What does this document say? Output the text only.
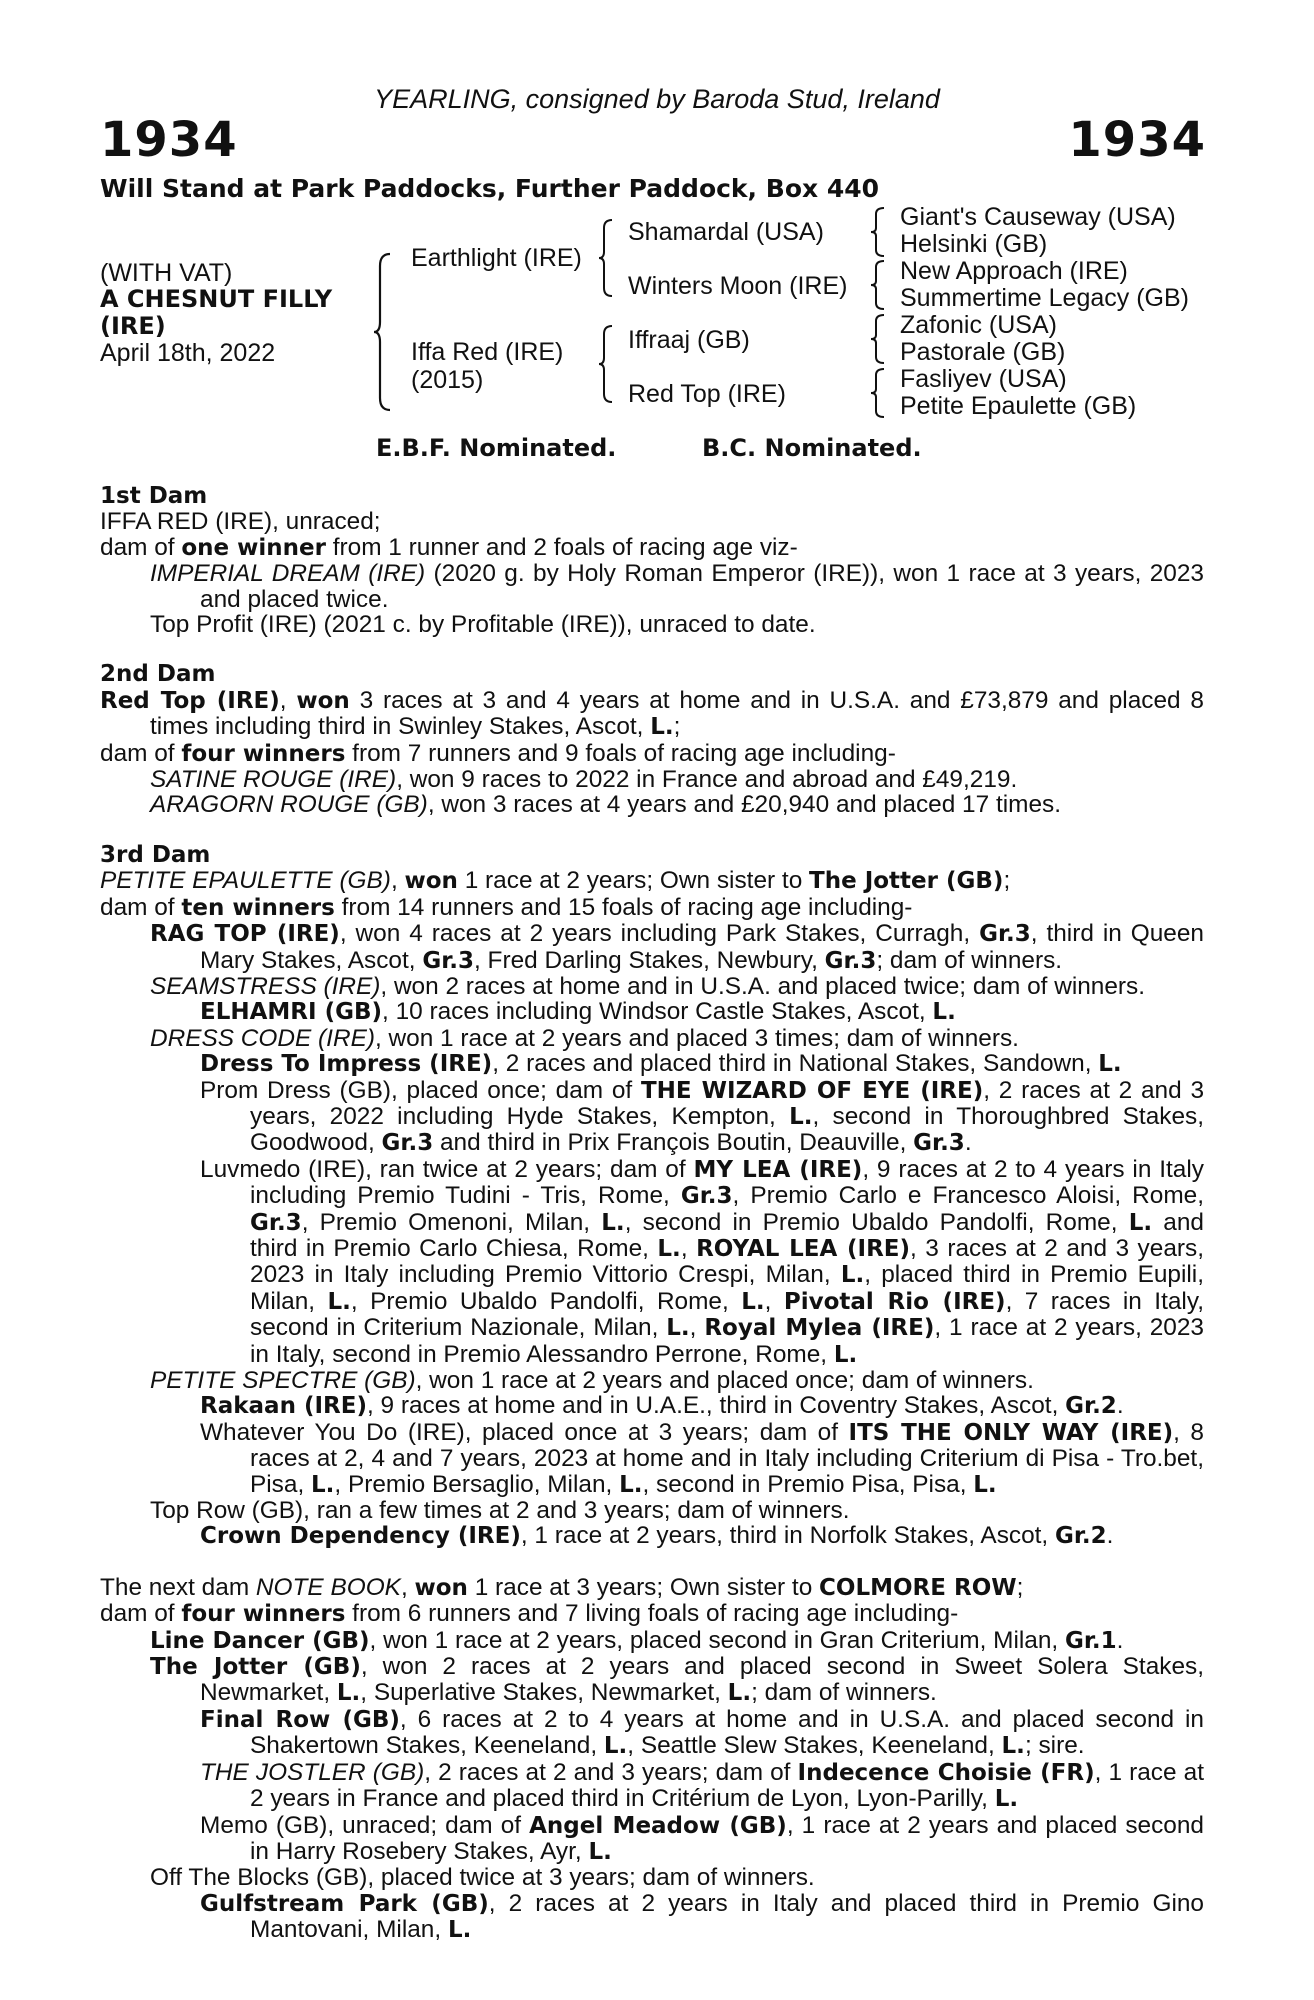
YEARLING, consigned by Baroda Stud, Ireland
1934	1934
Will Stand at Park Paddocks, Further Paddock, Box 440
(WITH VAT)
A CHESNUT FILLY
(IRE)
April 18th, 2022
Earthlight (IRE)
Iffa Red (IRE)
(2015)
Shamardal (USA)
Winters Moon (IRE)
Iffraaj (GB)
Red Top (IRE)
Giant's Causeway (USA)
Helsinki (GB)
New Approach (IRE)
Summertime Legacy (GB)
Zafonic (USA)
Pastorale (GB)
Fasliyev (USA)
Petite Epaulette (GB)
E.B.F. Nominated.	B.C. Nominated.
1st Dam
IFFA RED (IRE), unraced;
dam of one winner from 1 runner and 2 foals of racing age viz-
IMPERIAL DREAM (IRE) (2020 g. by Holy Roman Emperor (IRE)), won 1 race at 3 years, 2023 and placed twice.
Top Profit (IRE) (2021 c. by Profitable (IRE)), unraced to date.
2nd Dam
Red Top (IRE), won 3 races at 3 and 4 years at home and in U.S.A. and £73,879 and placed 8 times including third in Swinley Stakes, Ascot, L.;
dam of four winners from 7 runners and 9 foals of racing age including-
SATINE ROUGE (IRE), won 9 races to 2022 in France and abroad and £49,219.
ARAGORN ROUGE (GB), won 3 races at 4 years and £20,940 and placed 17 times.
3rd Dam
PETITE EPAULETTE (GB), won 1 race at 2 years; Own sister to The Jotter (GB);
dam of ten winners from 14 runners and 15 foals of racing age including-
RAG TOP (IRE), won 4 races at 2 years including Park Stakes, Curragh, Gr.3, third in Queen Mary Stakes, Ascot, Gr.3, Fred Darling Stakes, Newbury, Gr.3; dam of winners.
SEAMSTRESS (IRE), won 2 races at home and in U.S.A. and placed twice; dam of winners.
ELHAMRI (GB), 10 races including Windsor Castle Stakes, Ascot, L.
DRESS CODE (IRE), won 1 race at 2 years and placed 3 times; dam of winners.
Dress To Impress (IRE), 2 races and placed third in National Stakes, Sandown, L.
Prom Dress (GB), placed once; dam of THE WIZARD OF EYE (IRE), 2 races at 2 and 3 years, 2022 including Hyde Stakes, Kempton, L., second in Thoroughbred Stakes, Goodwood, Gr.3 and third in Prix François Boutin, Deauville, Gr.3.
Luvmedo (IRE), ran twice at 2 years; dam of MY LEA (IRE), 9 races at 2 to 4 years in Italy including Premio Tudini - Tris, Rome, Gr.3, Premio Carlo e Francesco Aloisi, Rome, Gr.3, Premio Omenoni, Milan, L., second in Premio Ubaldo Pandolfi, Rome, L. and third in Premio Carlo Chiesa, Rome, L., ROYAL LEA (IRE), 3 races at 2 and 3 years, 2023 in Italy including Premio Vittorio Crespi, Milan, L., placed third in Premio Eupili, Milan, L., Premio Ubaldo Pandolfi, Rome, L., Pivotal Rio (IRE), 7 races in Italy, second in Criterium Nazionale, Milan, L., Royal Mylea (IRE), 1 race at 2 years, 2023 in Italy, second in Premio Alessandro Perrone, Rome, L.
PETITE SPECTRE (GB), won 1 race at 2 years and placed once; dam of winners.
Rakaan (IRE), 9 races at home and in U.A.E., third in Coventry Stakes, Ascot, Gr.2.
Whatever You Do (IRE), placed once at 3 years; dam of ITS THE ONLY WAY (IRE), 8 races at 2, 4 and 7 years, 2023 at home and in Italy including Criterium di Pisa - Tro.bet, Pisa, L., Premio Bersaglio, Milan, L., second in Premio Pisa, Pisa, L.
Top Row (GB), ran a few times at 2 and 3 years; dam of winners.
Crown Dependency (IRE), 1 race at 2 years, third in Norfolk Stakes, Ascot, Gr.2.
The next dam NOTE BOOK, won 1 race at 3 years; Own sister to COLMORE ROW;
dam of four winners from 6 runners and 7 living foals of racing age including-
Line Dancer (GB), won 1 race at 2 years, placed second in Gran Criterium, Milan, Gr.1.
The Jotter (GB), won 2 races at 2 years and placed second in Sweet Solera Stakes, Newmarket, L., Superlative Stakes, Newmarket, L.; dam of winners.
Final Row (GB), 6 races at 2 to 4 years at home and in U.S.A. and placed second in Shakertown Stakes, Keeneland, L., Seattle Slew Stakes, Keeneland, L.; sire.
THE JOSTLER (GB), 2 races at 2 and 3 years; dam of Indecence Choisie (FR), 1 race at 2 years in France and placed third in Critérium de Lyon, Lyon-Parilly, L.
Memo (GB), unraced; dam of Angel Meadow (GB), 1 race at 2 years and placed second in Harry Rosebery Stakes, Ayr, L.
Off The Blocks (GB), placed twice at 3 years; dam of winners.
Gulfstream Park (GB), 2 races at 2 years in Italy and placed third in Premio Gino Mantovani, Milan, L.
